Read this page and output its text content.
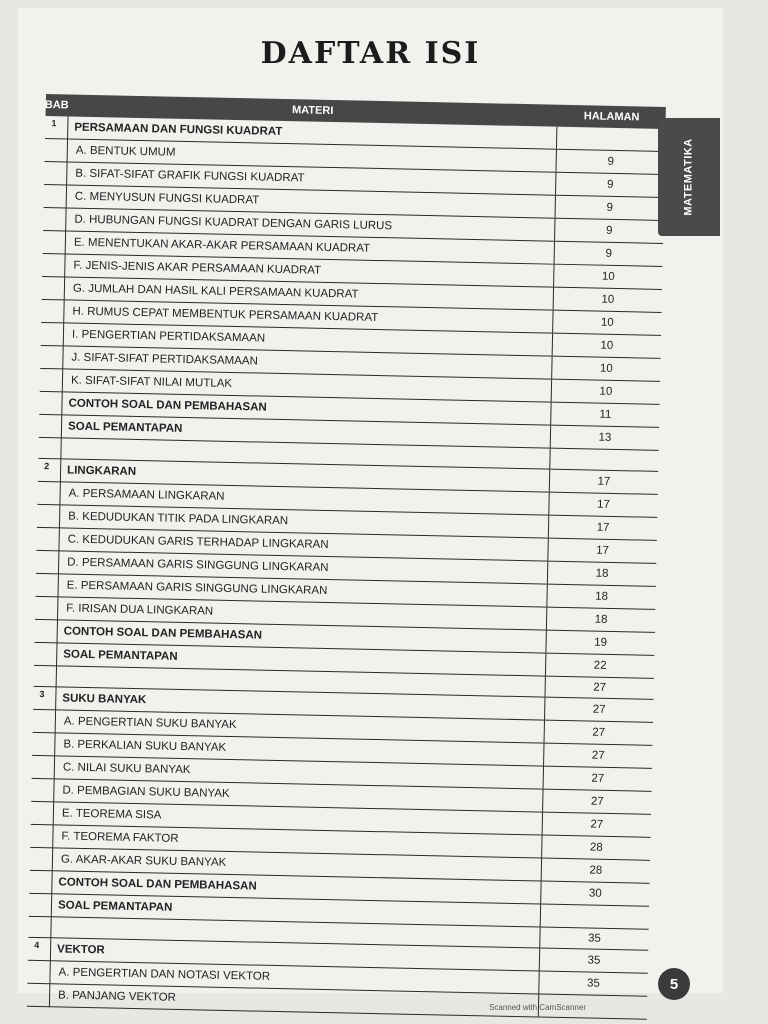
DAFTAR ISI
BAB	MATERI	HALAMAN
1	PERSAMAAN DAN FUNGSI KUADRAT	
	A. BENTUK UMUM	9
	B. SIFAT-SIFAT GRAFIK FUNGSI KUADRAT	9
	C. MENYUSUN FUNGSI KUADRAT	9
	D. HUBUNGAN FUNGSI KUADRAT DENGAN GARIS LURUS	9
	E. MENENTUKAN AKAR-AKAR PERSAMAAN KUADRAT	9
	F. JENIS-JENIS AKAR PERSAMAAN KUADRAT	10
	G. JUMLAH DAN HASIL KALI PERSAMAAN KUADRAT	10
	H. RUMUS CEPAT MEMBENTUK PERSAMAAN KUADRAT	10
	I. PENGERTIAN PERTIDAKSAMAAN	10
	J. SIFAT-SIFAT PERTIDAKSAMAAN	10
	K. SIFAT-SIFAT NILAI MUTLAK	10
	CONTOH SOAL DAN PEMBAHASAN	11
	SOAL PEMANTAPAN	13

2	LINGKARAN	17
	A. PERSAMAAN LINGKARAN	17
	B. KEDUDUKAN TITIK PADA LINGKARAN	17
	C. KEDUDUKAN GARIS TERHADAP LINGKARAN	17
	D. PERSAMAAN GARIS SINGGUNG LINGKARAN	18
	E. PERSAMAAN GARIS SINGGUNG LINGKARAN	18
	F. IRISAN DUA LINGKARAN	18
	CONTOH SOAL DAN PEMBAHASAN	19
	SOAL PEMANTAPAN	22
		27
3	SUKU BANYAK	27
	A. PENGERTIAN SUKU BANYAK	27
	B. PERKALIAN SUKU BANYAK	27
	C. NILAI SUKU BANYAK	27
	D. PEMBAGIAN SUKU BANYAK	27
	E. TEOREMA SISA	27
	F. TEOREMA FAKTOR	28
	G. AKAR-AKAR SUKU BANYAK	28
	CONTOH SOAL DAN PEMBAHASAN	30
	SOAL PEMANTAPAN	
		35
4	VEKTOR	35
	A. PENGERTIAN DAN NOTASI VEKTOR	35
	B. PANJANG VEKTOR	
MATEMATIKA
5
Scanned with CamScanner
